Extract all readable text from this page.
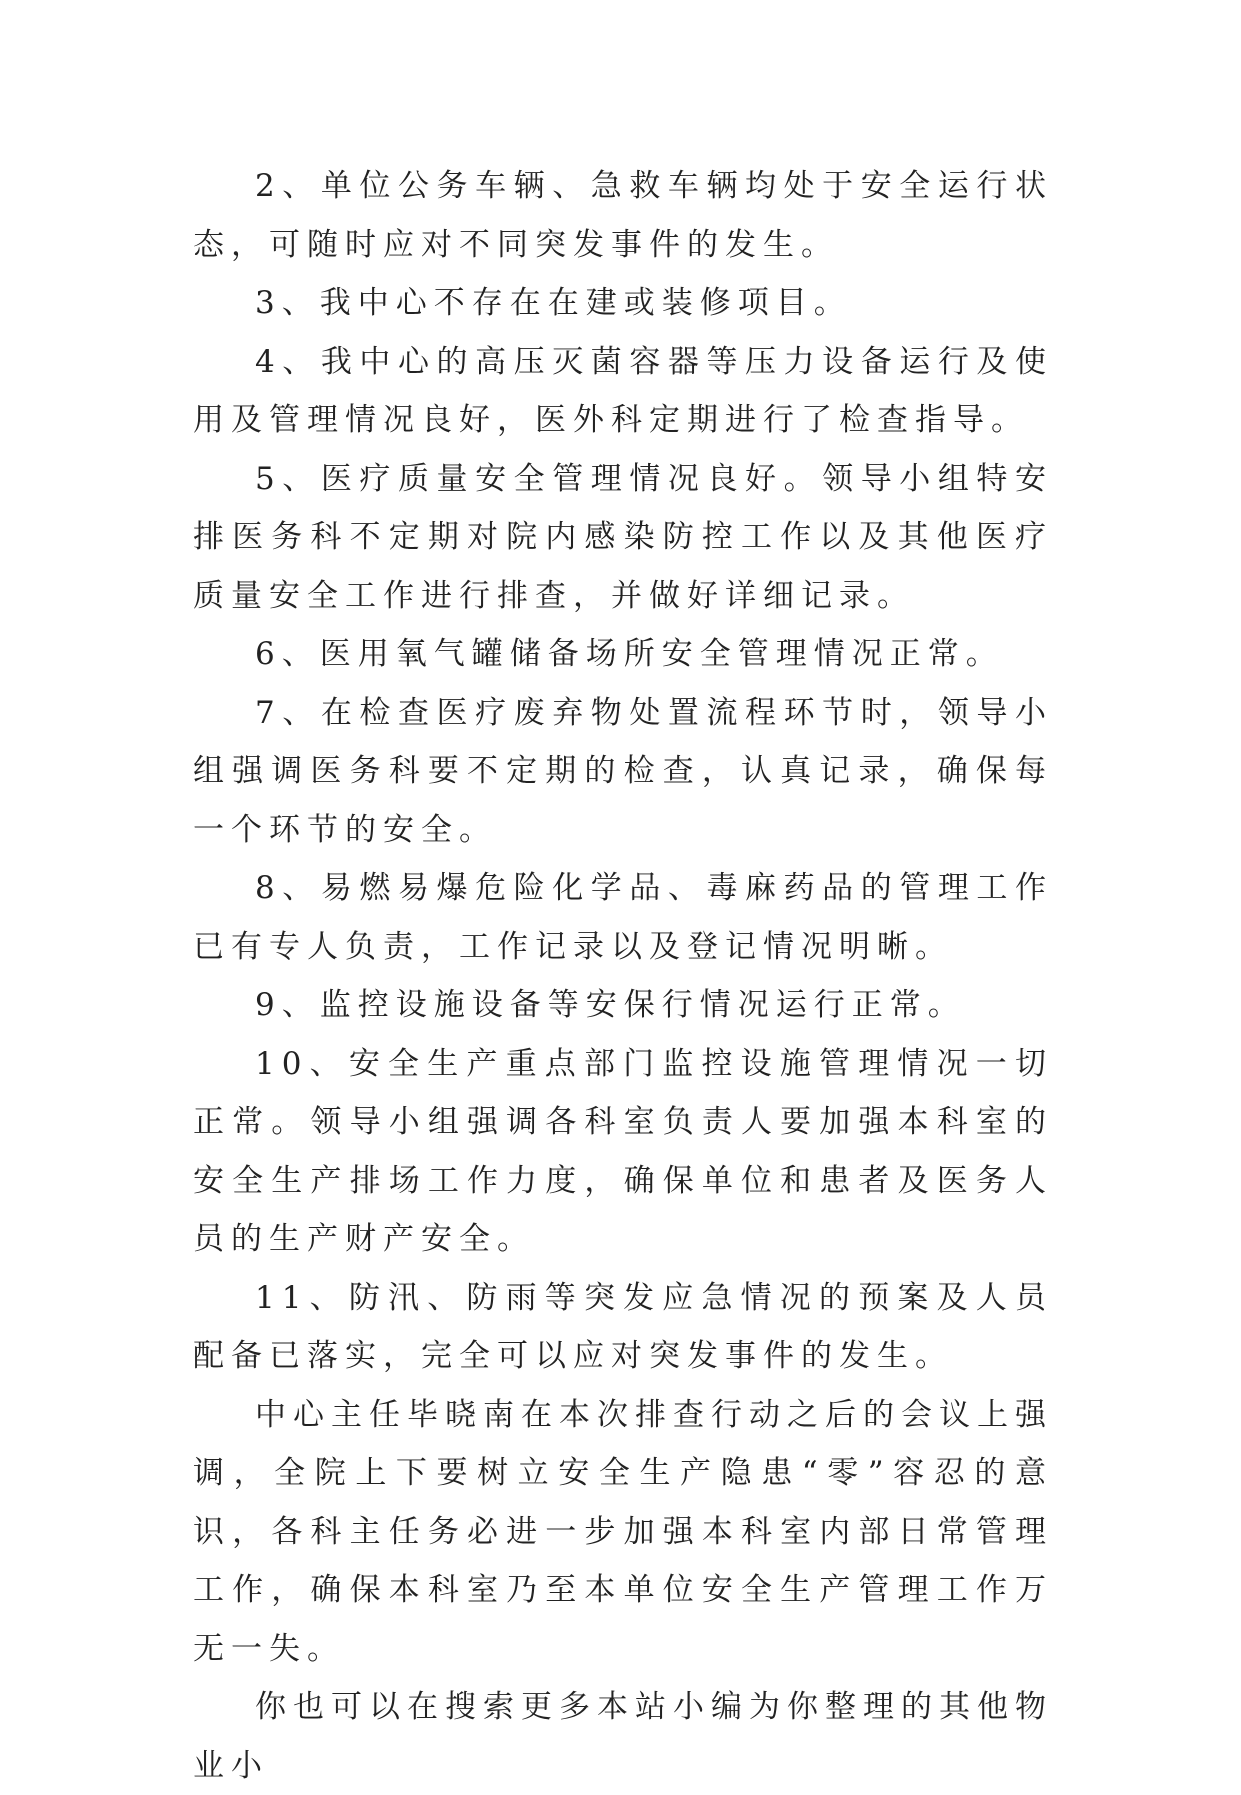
2、单位公务车辆、急救车辆均处于安全运行状态，可随时应对不同突发事件的发生。

3、我中心不存在在建或装修项目。

4、我中心的高压灭菌容器等压力设备运行及使用及管理情况良好，医外科定期进行了检查指导。

5、医疗质量安全管理情况良好。领导小组特安排医务科不定期对院内感染防控工作以及其他医疗质量安全工作进行排查，并做好详细记录。

6、医用氧气罐储备场所安全管理情况正常。

7、在检查医疗废弃物处置流程环节时，领导小组强调医务科要不定期的检查，认真记录，确保每一个环节的安全。

8、易燃易爆危险化学品、毒麻药品的管理工作已有专人负责，工作记录以及登记情况明晰。

9、监控设施设备等安保行情况运行正常。

10、安全生产重点部门监控设施管理情况一切正常。领导小组强调各科室负责人要加强本科室的安全生产排场工作力度，确保单位和患者及医务人员的生产财产安全。

11、防汛、防雨等突发应急情况的预案及人员配备已落实，完全可以应对突发事件的发生。

中心主任毕晓南在本次排查行动之后的会议上强调，全院上下要树立安全生产隐患“零”容忍的意识，各科主任务必进一步加强本科室内部日常管理工作，确保本科室乃至本单位安全生产管理工作万无一失。

你也可以在搜索更多本站小编为你整理的其他物业小
